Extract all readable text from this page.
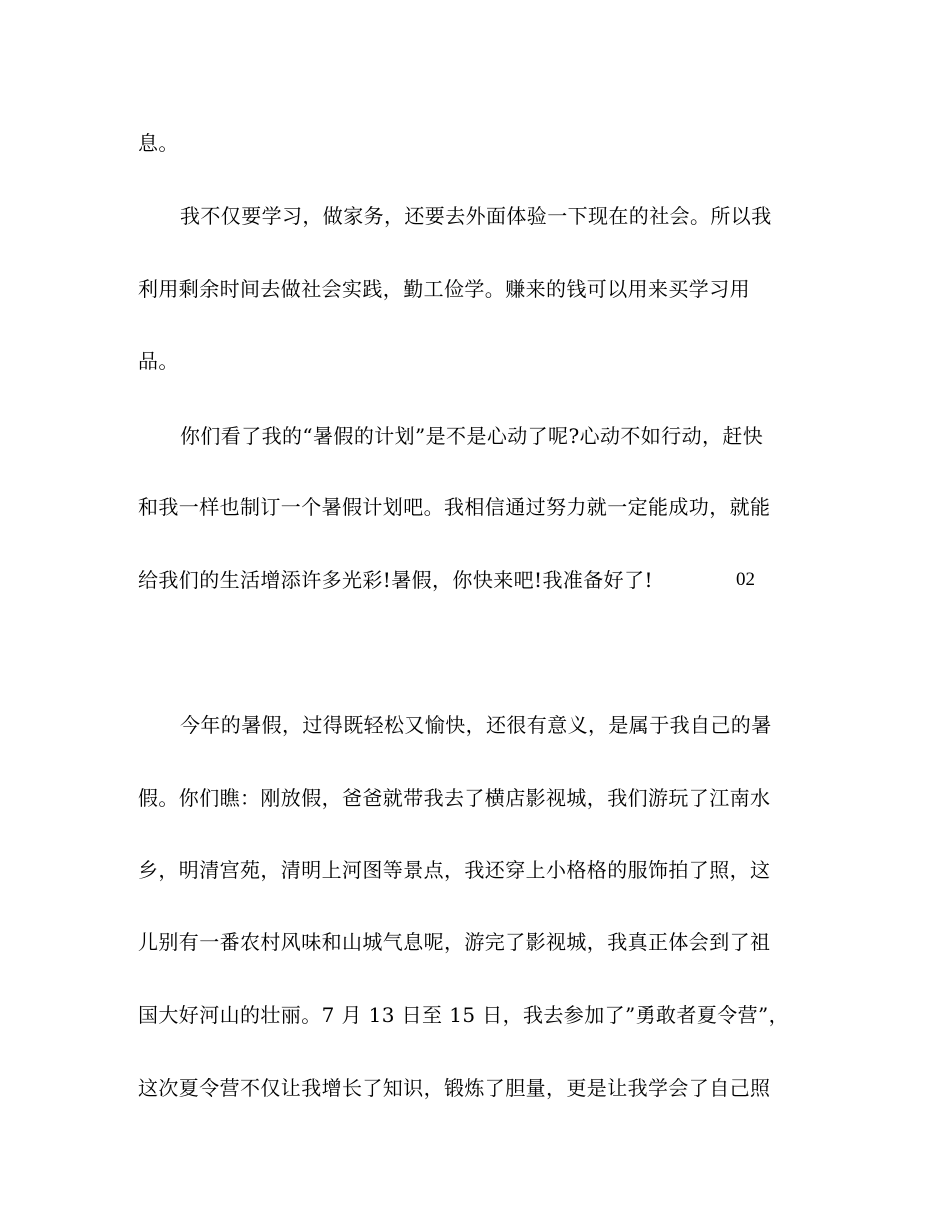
息。
我不仅要学习，做家务，还要去外面体验一下现在的社会。所以我
利用剩余时间去做社会实践，勤工俭学。赚来的钱可以用来买学习用
品。
你们看了我的“暑假的计划”是不是心动了呢?心动不如行动，赶快
和我一样也制订一个暑假计划吧。我相信通过努力就一定能成功，就能
给我们的生活增添许多光彩!暑假，你快来吧!我准备好了!	02
今年的暑假，过得既轻松又愉快，还很有意义，是属于我自己的暑
假。你们瞧：刚放假，爸爸就带我去了横店影视城，我们游玩了江南水
乡，明清宫苑，清明上河图等景点，我还穿上小格格的服饰拍了照，这
儿别有一番农村风味和山城气息呢，游完了影视城，我真正体会到了祖
国大好河山的壮丽。7 月 13 日至 15 日，我去参加了”勇敢者夏令营”，
这次夏令营不仅让我增长了知识，锻炼了胆量，更是让我学会了自己照
